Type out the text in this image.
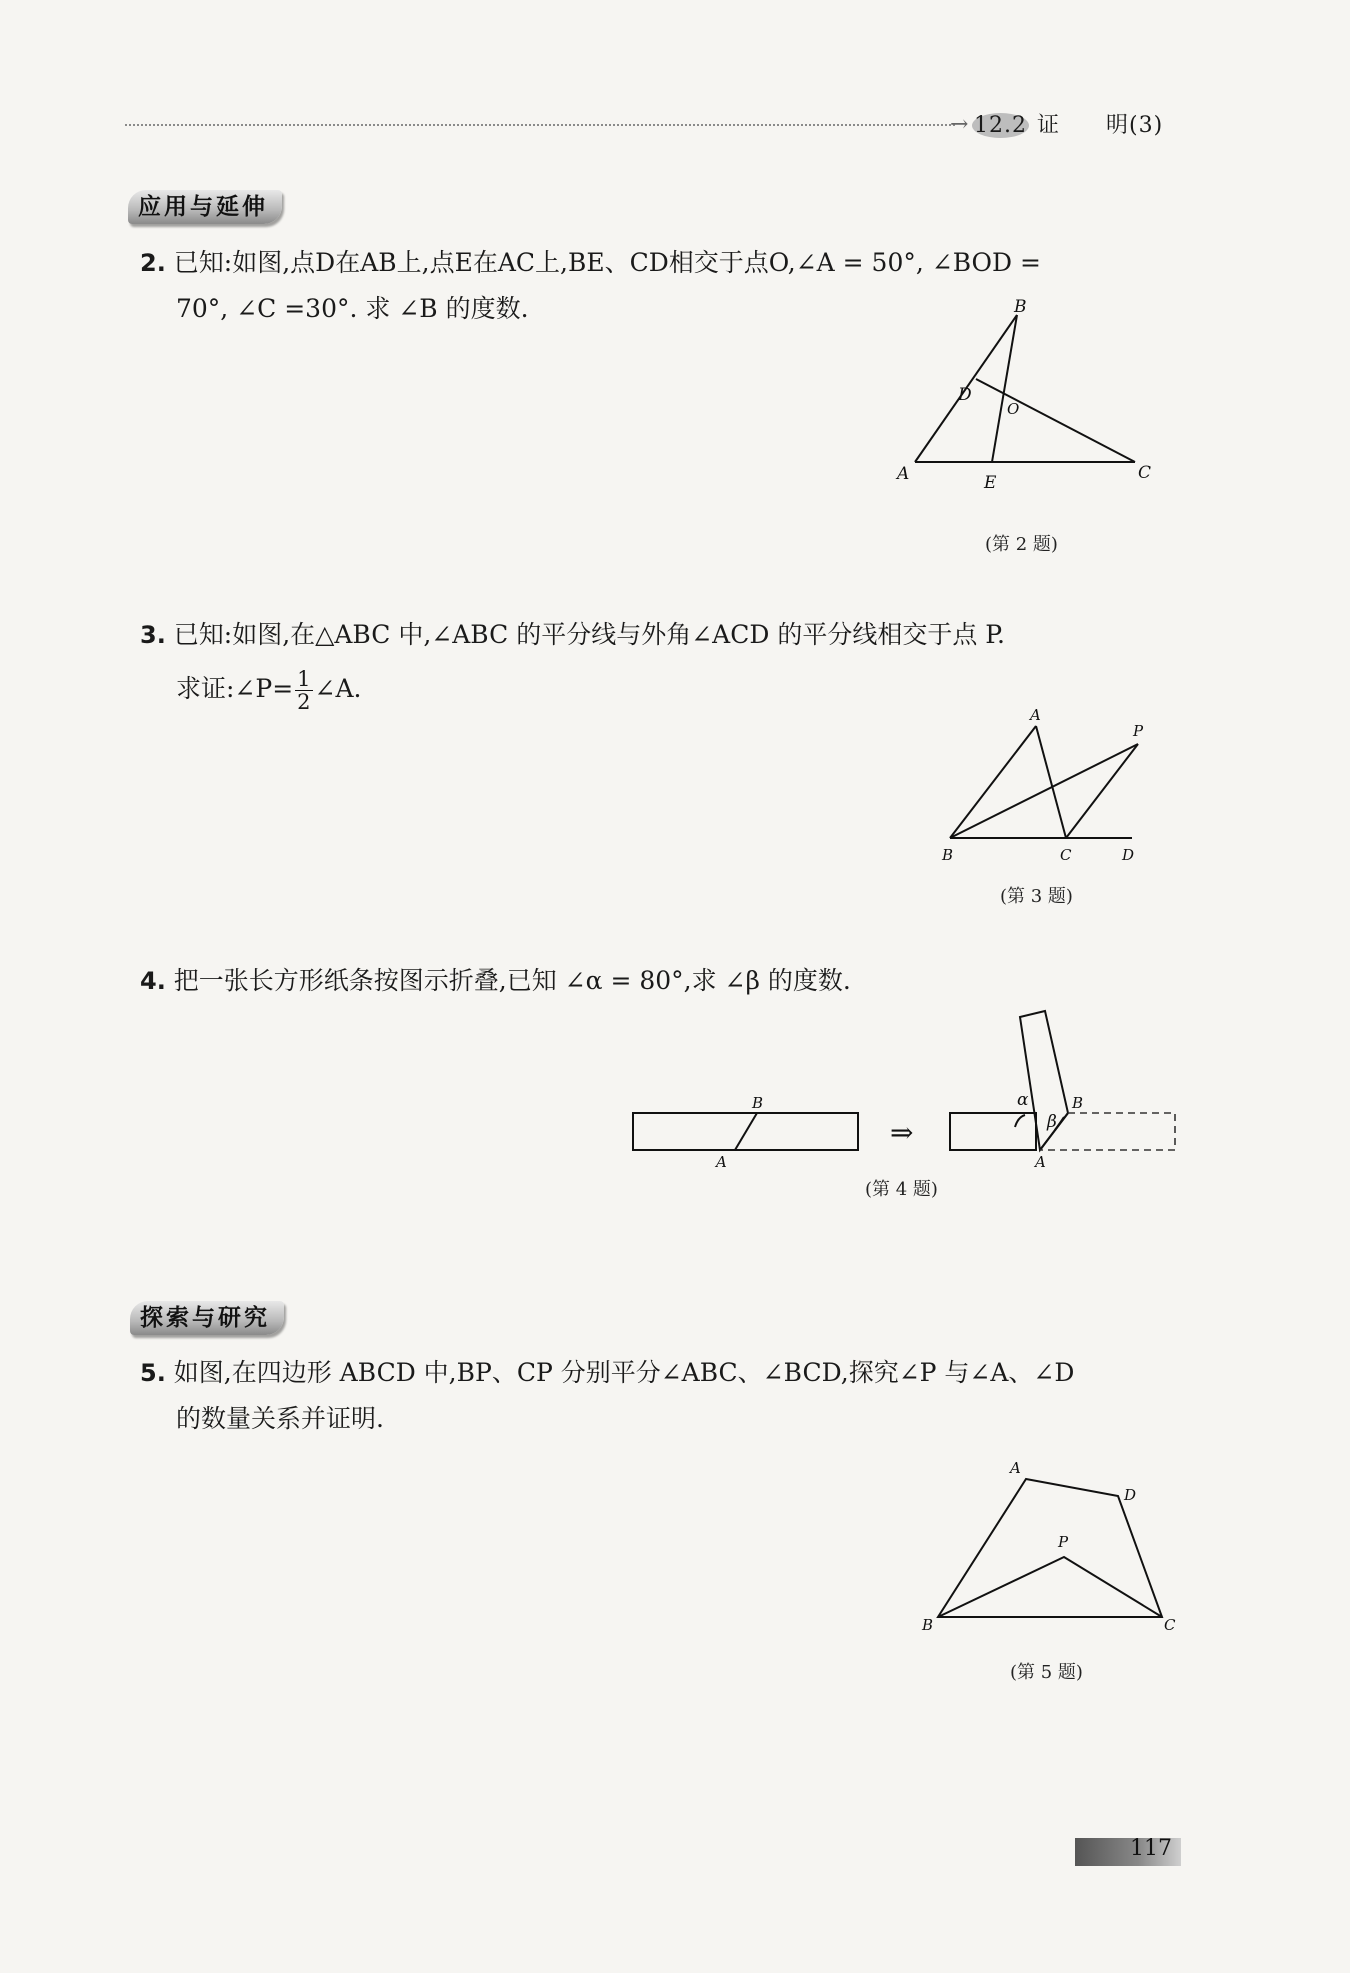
→ 12.2 证　　明(3)
应用与延伸
2. 已知:如图,点D在AB上,点E在AC上,BE、CD相交于点O,∠A = 50°, ∠BOD =
70°, ∠C =30°. 求 ∠B 的度数.	B
D
O
A	E	C
(第 2 题)
3. 已知:如图,在△ABC 中,∠ABC 的平分线与外角∠ACD 的平分线相交于点 P.
求证:∠P= $\frac{1}{2}$ ∠A.
A
P
B	C	D
(第 3 题)
4. 把一张长方形纸条按图示折叠,已知 ∠α = 80°,求 ∠β 的度数.
B
A
⇒
α
β
B
A
(第 4 题)
探索与研究
5. 如图,在四边形 ABCD 中,BP、CP 分别平分∠ABC、∠BCD,探究∠P 与∠A、∠D
的数量关系并证明.
A
D
P
B	C
(第 5 题)
117
